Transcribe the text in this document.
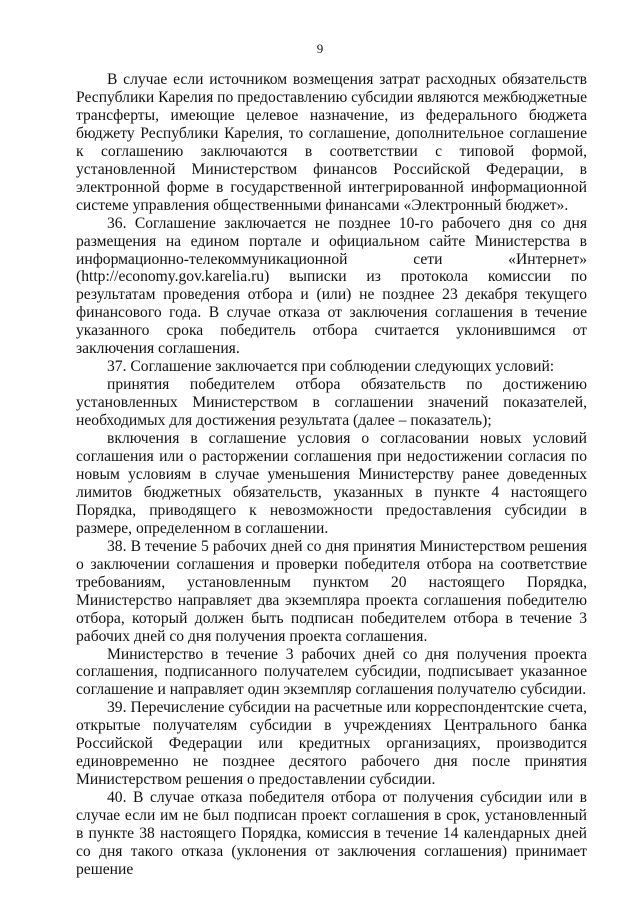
9

В случае если источником возмещения затрат расходных обязательств Республики Карелия по предоставлению субсидии являются межбюджетные трансферты, имеющие целевое назначение, из федерального бюджета бюджету Республики Карелия, то соглашение, дополнительное соглашение к соглашению заключаются в соответствии с типовой формой, установленной Министерством финансов Российской Федерации, в электронной форме в государственной интегрированной информационной системе управления общественными финансами «Электронный бюджет».

36. Соглашение заключается не позднее 10-го рабочего дня со дня размещения на едином портале и официальном сайте Министерства в информационно-телекоммуникационной сети «Интернет» (http://economy.gov.karelia.ru) выписки из протокола комиссии по результатам проведения отбора и (или) не позднее 23 декабря текущего финансового года. В случае отказа от заключения соглашения в течение указанного срока победитель отбора считается уклонившимся от заключения соглашения.

37. Соглашение заключается при соблюдении следующих условий:

принятия победителем отбора обязательств по достижению установленных Министерством в соглашении значений показателей, необходимых для достижения результата (далее – показатель);

включения в соглашение условия о согласовании новых условий соглашения или о расторжении соглашения при недостижении согласия по новым условиям в случае уменьшения Министерству ранее доведенных лимитов бюджетных обязательств, указанных в пункте 4 настоящего Порядка, приводящего к невозможности предоставления субсидии в размере, определенном в соглашении.

38. В течение 5 рабочих дней со дня принятия Министерством решения о заключении соглашения и проверки победителя отбора на соответствие требованиям, установленным пунктом 20 настоящего Порядка, Министерство направляет два экземпляра проекта соглашения победителю отбора, который должен быть подписан победителем отбора в течение 3 рабочих дней со дня получения проекта соглашения.

Министерство в течение 3 рабочих дней со дня получения проекта соглашения, подписанного получателем субсидии, подписывает указанное соглашение и направляет один экземпляр соглашения получателю субсидии.

39. Перечисление субсидии на расчетные или корреспондентские счета, открытые получателям субсидии в учреждениях Центрального банка Российской Федерации или кредитных организациях, производится единовременно не позднее десятого рабочего дня после принятия Министерством решения о предоставлении субсидии.

40. В случае отказа победителя отбора от получения субсидии или в случае если им не был подписан проект соглашения в срок, установленный в пункте 38 настоящего Порядка, комиссия в течение 14 календарных дней со дня такого отказа (уклонения от заключения соглашения) принимает решение
